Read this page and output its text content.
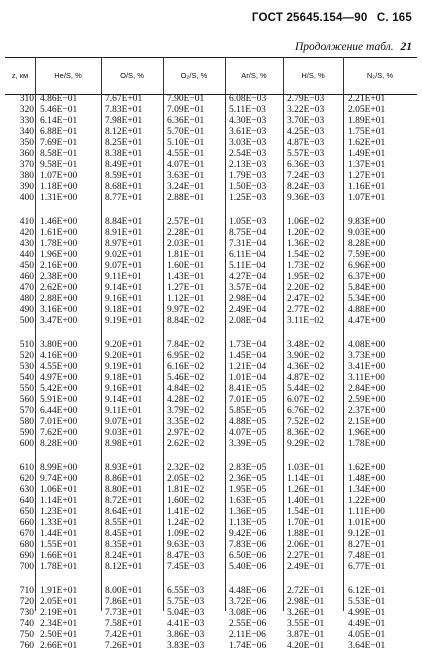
ГОСТ 25645.154—90 С. 165
Продолжение табл. 21
z, км	He/S, %	O/S, %	O₂/S, %	Ar/S, %	H/S, %	N₂/S, %
310 4.86E−01	7.67E+01	7.90E−01	6.08E−03 2.79E−03 2.21E+01
320 5.46E−01	7.83E+01	7.09E−01	5.11E−03 3.22E−03 2.05E+01
330 6.14E−01	7.98E+01	6.36E−01	4.30E−03 3.70E−03 1.89E+01
340 6.88E−01	8.12E+01	5.70E−01	3.61E−03 4.25E−03 1.75E+01
350 7.69E−01	8.25E+01	5.10E−01	3.03E−03 4.87E−03 1.62E+01
360 8.58E−01	8.38E+01	4.55E−01	2.54E−03 5.57E−03 1.49E+01
370 9.58E−01	8.49E+01	4.07E−01	2.13E−03 6.36E−03 1.37E+01
380 1.07E+00	8.59E+01	3.63E−01	1.79E−03 7.24E−03 1.27E+01
390 1.18E+00	8.68E+01	3.24E−01	1.50E−03 8.24E−03 1.16E+01
400 1.31E+00	8.77E+01	2.88E−01	1.25E−03 9.36E−03 1.07E+01
410 1.46E+00	8.84E+01	2.57E−01	1.05E−03 1.06E−02 9.83E+00
420 1.61E+00	8.91E+01	2.28E−01	8.75E−04 1.20E−02 9.03E+00
430 1.78E+00	8.97E+01	2.03E−01	7.31E−04 1.36E−02 8.28E+00
440 1.96E+00	9.02E+01	1.81E−01	6.11E−04 1.54E−02 7.59E+00
450 2.16E+00	9.07E+01	1.60E−01	5.11E−04 1.73E−02 6.96E+00
460 2.38E+00	9.11E+01	1.43E−01	4.27E−04 1.95E−02 6.37E+00
470 2.62E+00	9.14E+01	1.27E−01	3.57E−04 2.20E−02 5.84E+00
480 2.88E+00	9.16E+01	1.12E−01	2.98E−04 2.47E−02 5.34E+00
490 3.16E+00	9.18E+01	9.97E−02	2.49E−04 2.77E−02 4.88E+00
500 3.47E+00	9.19E+01	8.84E−02	2.08E−04 3.11E−02	4.47E+00
510 3.80E+00	9.20E+01	7.84E−02	1.73E−04 3.48E−02 4.08E+00
520 4.16E+00	9.20E+01	6.95E−02	1.45E−04 3.90E−02 3.73E+00
530 4.55E+00	9.19E+01	6.16E−02	1.21E−04 4.36E−02 3.41E+00
540 4.97E+00	9.18E+01	5.46E−02	1.01E−04 4.87E−02 3.11E+00
550 5.42E+00	9.16E+01	4.84E−02	8.41E−05 5.44E−02 2.84E+00
560 5.91E+00	9.14E+01	4.28E−02	7.01E−05 6.07E−02 2.59E+00
570 6.44E+00	9.11E+01	3.79E−02	5.85E−05 6.76E−02 2.37E+00
580 7.01E+00	9.07E+01	3.35E−02	4.88E−05 7.52E−02 2.15E+00
590 7.62E+00	9.03E+01	2.97E−02	4.07E−05 8.36E−02 1.96E+00
600 8.28E+00	8.98E+01	2.62E−02	3.39E−05 9.29E−02 1.78E+00
610 8.99E+00	8.93E+01	2.32E−02	2.83E−05 1.03E−01 1.62E+00
620 9.74E+00	8.86E+01	2.05E−02	2.36E−05 1.14E−01 1.48E+00
630 1.06E+01	8.80E+01	1.81E−02	1.95E−05 1.26E−01 1.34E+00
640 1.14E+01	8.72E+01	1.60E−02	1.63E−05 1.40E−01 1.22E+00
650 1.23E+01	8.64E+01	1.41E−02	1.36E−05 1.54E−01 1.11E+00
660 1.33E+01	8.55E+01	1.24E−02	1.13E−05 1.70E−01 1.01E+00
670 1.44E+01	8.45E+01	1.09E−02	9.42E−06 1.88E−01 9.12E−01
680 1.55E+01	8.35E+01	9.63E−03	7.83E−06 2.06E−01 8.27E−01
690 1.66E+01	8.24E+01	8.47E−03	6.50E−06 2.27E−01 7.48E−01
700 1.78E+01	8.12E+01	7.45E−03	5.40E−06 2.49E−01 6.77E−01
710 1.91E+01	8.00E+01	6.55E−03	4.48E−06 2.72E−01 6.12E−01
720 2.05E+01	7.86E+01	5.75E−03	3.72E−06 2.98E−01 5.53E−01
730 2.19E+01	7.73E+01	5.04E−03	3.08E−06 3.26E−01 4.99E−01
740 2.34E+01	7.58E+01	4.41E−03	2.55E−06 3.55E−01 4.49E−01
750 2.50E+01	7.42E+01	3.86E−03	2.11E−06 3.87E−01 4.05E−01
760 2.66E+01	7.26E+01	3.83E−03	1.74E−06 4.20E−01 3.64E−01
